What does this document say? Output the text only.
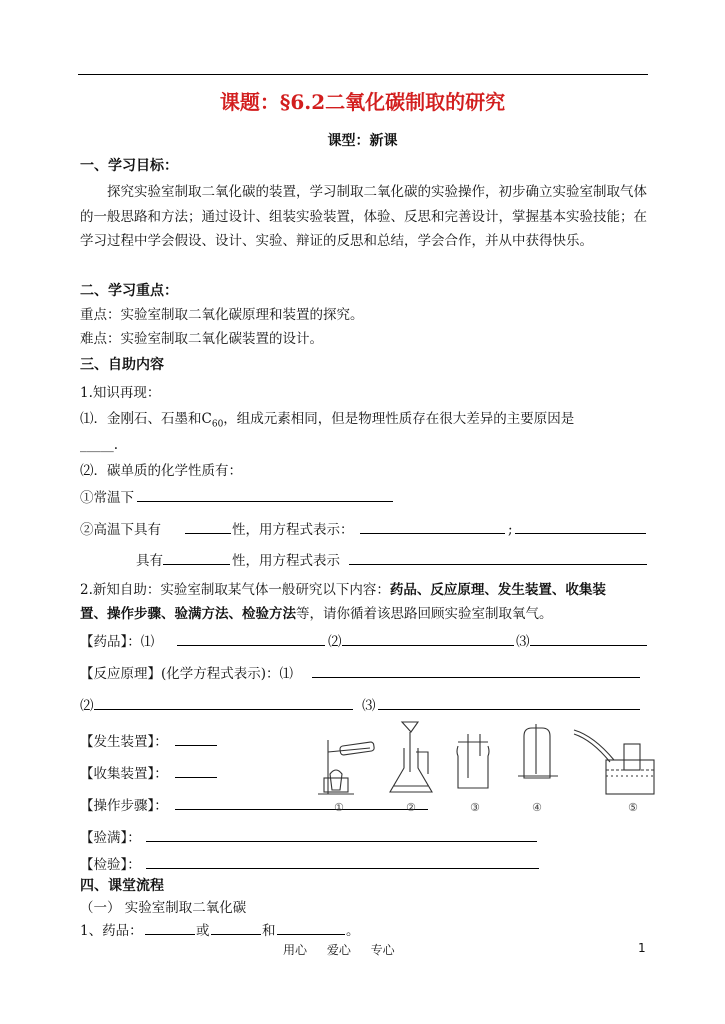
课题：§6.2二氧化碳制取的研究
课型：新课
一、学习目标：
探究实验室制取二氧化碳的装置，学习制取二氧化碳的实验操作，初步确立实验室制取气体的一般思路和方法；通过设计、组装实验装置，体验、反思和完善设计，掌握基本实验技能；在学习过程中学会假设、设计、实验、辩证的反思和总结，学会合作，并从中获得快乐。
二、学习重点：
重点：实验室制取二氧化碳原理和装置的探究。
难点：实验室制取二氧化碳装置的设计。
三、自助内容
1.知识再现：
⑴．金刚石、石墨和$C_{60}$，组成元素相同，但是物理性质存在很大差异的主要原因是
_____.
⑵．碳单质的化学性质有：
①常温下
②高温下具有	性，用方程式表示：	;
具有	性，用方程式表示
2.新知自助：实验室制取某气体一般研究以下内容：药品、反应原理、发生装置、收集装
置、操作步骤、验满方法、检验方法等，请你循着该思路回顾实验室制取氧气。
【药品】：⑴	⑵	⑶
【反应原理】(化学方程式表示)：⑴
⑵	⑶
【发生装置】：
【收集装置】：
【操作步骤】：
【验满】：
【检验】：
①	②	③	④	⑤
四、课堂流程
（一） 实验室制取二氧化碳
1、药品：	或	和	。
用心 爱心 专心	1
